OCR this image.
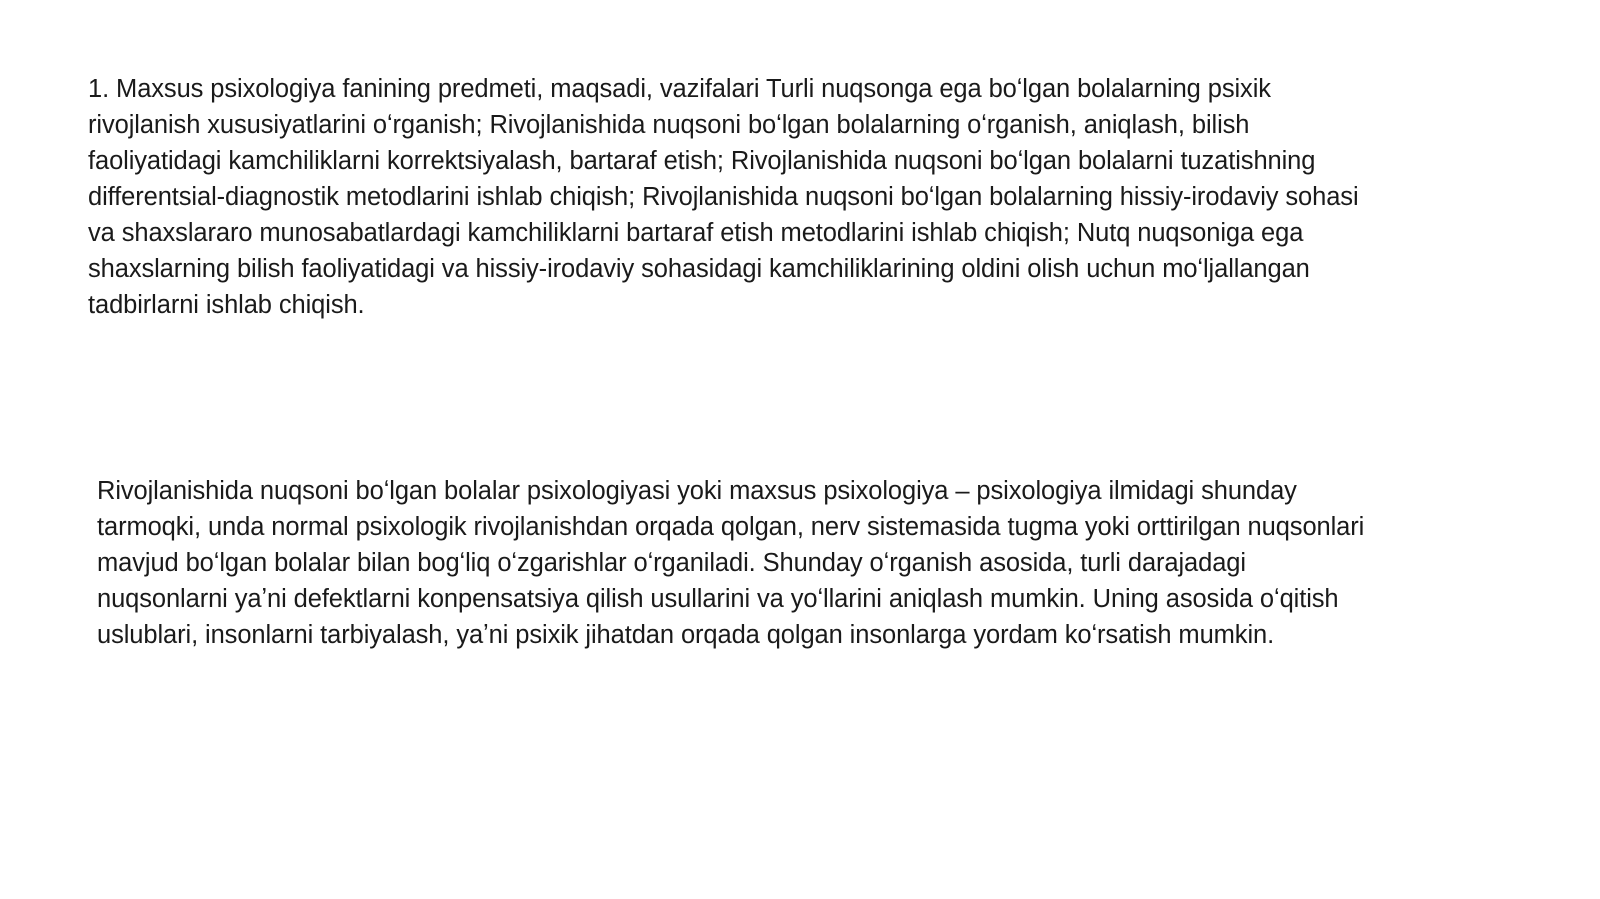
1. Maxsus psixologiya fanining predmeti, maqsadi, vazifalari Turli nuqsonga ega boʻlgan bolalarning psixik
rivojlanish xususiyatlarini oʻrganish; Rivojlanishida nuqsoni boʻlgan bolalarning oʻrganish, aniqlash, bilish
faoliyatidagi kamchiliklarni korrektsiyalash, bartaraf etish; Rivojlanishida nuqsoni boʻlgan bolalarni tuzatishning
differentsial-diagnostik metodlarini ishlab chiqish; Rivojlanishida nuqsoni boʻlgan bolalarning hissiy-irodaviy sohasi
va shaxslararo munosabatlardagi kamchiliklarni bartaraf etish metodlarini ishlab chiqish; Nutq nuqsoniga ega
shaxslarning bilish faoliyatidagi va hissiy-irodaviy sohasidagi kamchiliklarining oldini olish uchun moʻljallangan
tadbirlarni ishlab chiqish.

Rivojlanishida nuqsoni boʻlgan bolalar psixologiyasi yoki maxsus psixologiya – psixologiya ilmidagi shunday
tarmoqki, unda normal psixologik rivojlanishdan orqada qolgan, nerv sistemasida tugma yoki orttirilgan nuqsonlari
mavjud boʻlgan bolalar bilan bogʻliq oʻzgarishlar oʻrganiladi. Shunday oʻrganish asosida, turli darajadagi
nuqsonlarni yaʼni defektlarni konpensatsiya qilish usullarini va yoʻllarini aniqlash mumkin. Uning asosida oʻqitish
uslublari, insonlarni tarbiyalash, yaʼni psixik jihatdan orqada qolgan insonlarga yordam koʻrsatish mumkin.
